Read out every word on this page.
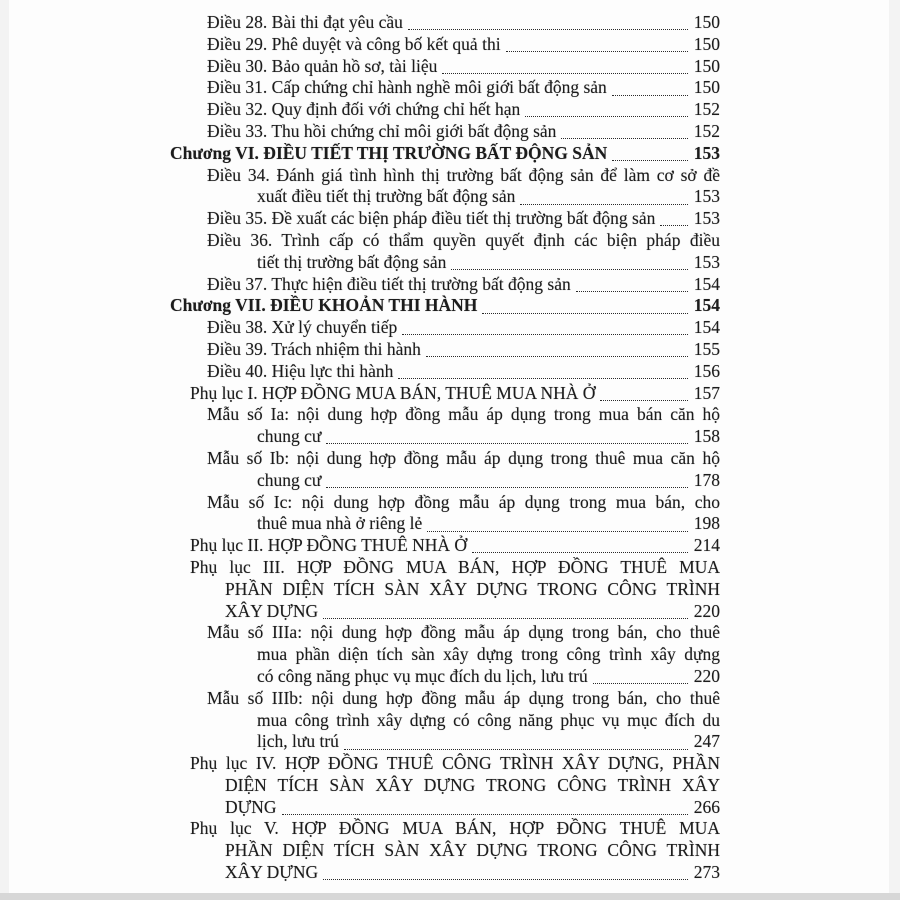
Điều 28. Bài thi đạt yêu cầu	150
Điều 29. Phê duyệt và công bố kết quả thi	150
Điều 30. Bảo quản hồ sơ, tài liệu	150
Điều 31. Cấp chứng chỉ hành nghề môi giới bất động sản	150
Điều 32. Quy định đối với chứng chỉ hết hạn	152
Điều 33. Thu hồi chứng chỉ môi giới bất động sản	152
Chương VI. ĐIỀU TIẾT THỊ TRƯỜNG BẤT ĐỘNG SẢN	153
Điều 34. Đánh giá tình hình thị trường bất động sản để làm cơ sở đề
xuất điều tiết thị trường bất động sản	153
Điều 35. Đề xuất các biện pháp điều tiết thị trường bất động sản 153
Điều 36. Trình cấp có thẩm quyền quyết định các biện pháp điều
tiết thị trường bất động sản	153
Điều 37. Thực hiện điều tiết thị trường bất động sản	154
Chương VII. ĐIỀU KHOẢN THI HÀNH	154
Điều 38. Xử lý chuyển tiếp	154
Điều 39. Trách nhiệm thi hành	155
Điều 40. Hiệu lực thi hành	156
Phụ lục I. HỢP ĐỒNG MUA BÁN, THUÊ MUA NHÀ Ở	157
Mẫu số Ia: nội dung hợp đồng mẫu áp dụng trong mua bán căn hộ
chung cư	158
Mẫu số Ib: nội dung hợp đồng mẫu áp dụng trong thuê mua căn hộ
chung cư	178
Mẫu số Ic: nội dung hợp đồng mẫu áp dụng trong mua bán, cho
thuê mua nhà ở riêng lẻ	198
Phụ lục II. HỢP ĐỒNG THUÊ NHÀ Ở	214
Phụ lục III. HỢP ĐỒNG MUA BÁN, HỢP ĐỒNG THUÊ MUA
PHẦN DIỆN TÍCH SÀN XÂY DỰNG TRONG CÔNG TRÌNH
XÂY DỰNG	220
Mẫu số IIIa: nội dung hợp đồng mẫu áp dụng trong bán, cho thuê
mua phần diện tích sàn xây dựng trong công trình xây dựng
có công năng phục vụ mục đích du lịch, lưu trú	220
Mẫu số IIIb: nội dung hợp đồng mẫu áp dụng trong bán, cho thuê
mua công trình xây dựng có công năng phục vụ mục đích du
lịch, lưu trú	247
Phụ lục IV. HỢP ĐỒNG THUÊ CÔNG TRÌNH XÂY DỰNG, PHẦN
DIỆN TÍCH SÀN XÂY DỰNG TRONG CÔNG TRÌNH XÂY
DỰNG	266
Phụ lục V. HỢP ĐỒNG MUA BÁN, HỢP ĐỒNG THUÊ MUA
PHẦN DIỆN TÍCH SÀN XÂY DỰNG TRONG CÔNG TRÌNH
XÂY DỰNG	273
